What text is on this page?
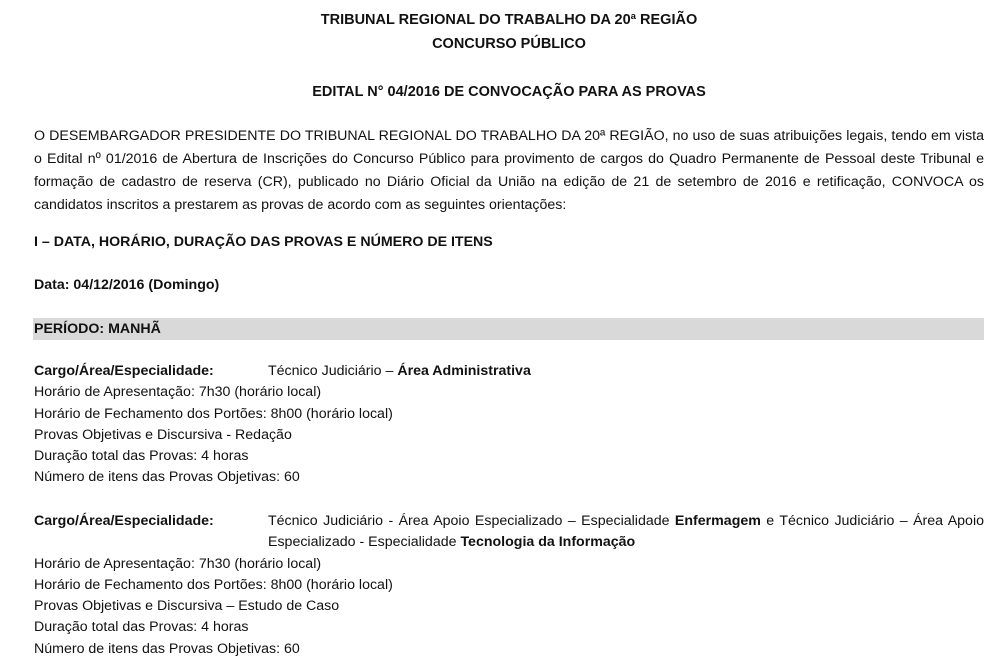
TRIBUNAL REGIONAL DO TRABALHO DA 20ª REGIÃO
CONCURSO PÚBLICO
EDITAL N° 04/2016 DE CONVOCAÇÃO PARA AS PROVAS
O DESEMBARGADOR PRESIDENTE DO TRIBUNAL REGIONAL DO TRABALHO DA 20ª REGIÃO, no uso de suas atribuições legais, tendo em vista o Edital nº 01/2016 de Abertura de Inscrições do Concurso Público para provimento de cargos do Quadro Permanente de Pessoal deste Tribunal e formação de cadastro de reserva (CR), publicado no Diário Oficial da União na edição de 21 de setembro de 2016 e retificação, CONVOCA os candidatos inscritos a prestarem as provas de acordo com as seguintes orientações:
I – DATA, HORÁRIO, DURAÇÃO DAS PROVAS E NÚMERO DE ITENS
Data: 04/12/2016 (Domingo)
PERÍODO: MANHÃ
Cargo/Área/Especialidade:	Técnico Judiciário – Área Administrativa
Horário de Apresentação: 7h30 (horário local)
Horário de Fechamento dos Portões: 8h00 (horário local)
Provas Objetivas e Discursiva - Redação
Duração total das Provas: 4 horas
Número de itens das Provas Objetivas: 60
Cargo/Área/Especialidade:	Técnico Judiciário - Área Apoio Especializado – Especialidade Enfermagem e Técnico Judiciário – Área Apoio Especializado - Especialidade Tecnologia da Informação
Horário de Apresentação: 7h30 (horário local)
Horário de Fechamento dos Portões: 8h00 (horário local)
Provas Objetivas e Discursiva – Estudo de Caso
Duração total das Provas: 4 horas
Número de itens das Provas Objetivas: 60
